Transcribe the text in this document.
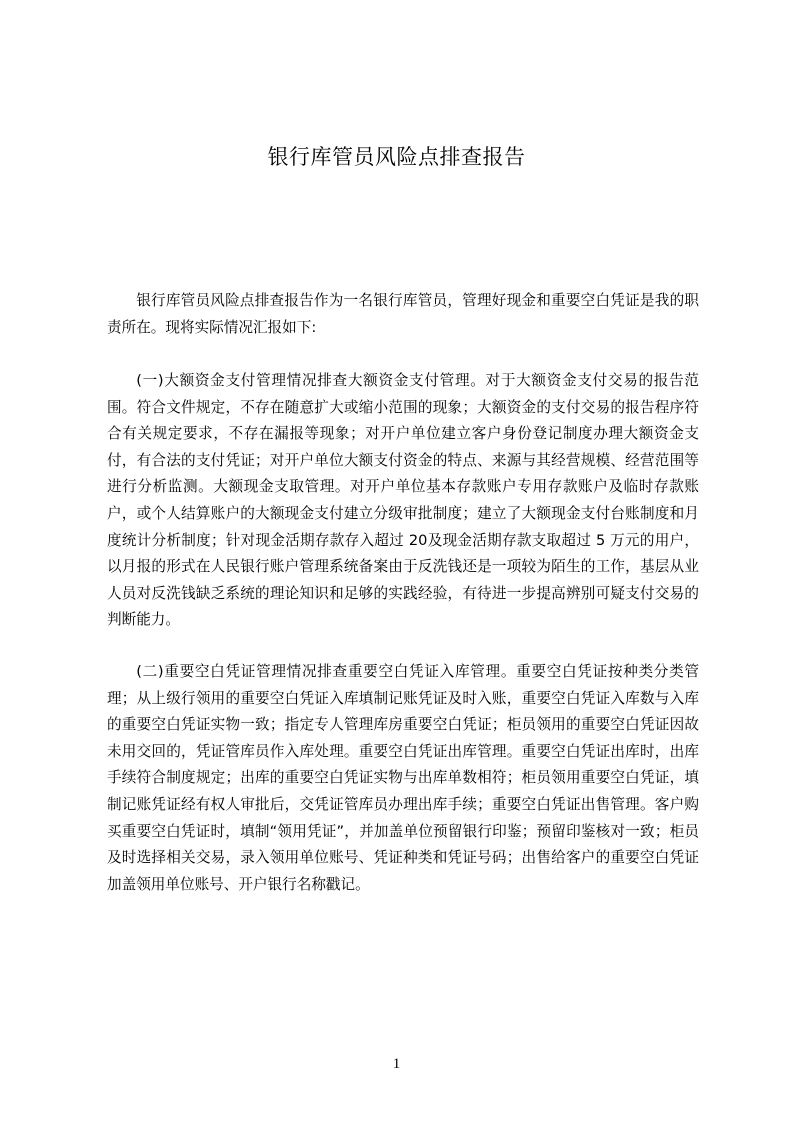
银行库管员风险点排查报告

银行库管员风险点排查报告作为一名银行库管员，管理好现金和重要空白凭证是我的职责所在。现将实际情况汇报如下:

(一)大额资金支付管理情况排查大额资金支付管理。对于大额资金支付交易的报告范围。符合文件规定，不存在随意扩大或缩小范围的现象；大额资金的支付交易的报告程序符合有关规定要求，不存在漏报等现象；对开户单位建立客户身份登记制度办理大额资金支付，有合法的支付凭证；对开户单位大额支付资金的特点、来源与其经营规模、经营范围等进行分析监测。大额现金支取管理。对开户单位基本存款账户专用存款账户及临时存款账户，或个人结算账户的大额现金支付建立分级审批制度；建立了大额现金支付台账制度和月度统计分析制度；针对现金活期存款存入超过 20及现金活期存款支取超过 5 万元的用户，以月报的形式在人民银行账户管理系统备案由于反洗钱还是一项较为陌生的工作，基层从业人员对反洗钱缺乏系统的理论知识和足够的实践经验，有待进一步提高辨别可疑支付交易的判断能力。

(二)重要空白凭证管理情况排查重要空白凭证入库管理。重要空白凭证按种类分类管理；从上级行领用的重要空白凭证入库填制记账凭证及时入账，重要空白凭证入库数与入库的重要空白凭证实物一致；指定专人管理库房重要空白凭证；柜员领用的重要空白凭证因故未用交回的，凭证管库员作入库处理。重要空白凭证出库管理。重要空白凭证出库时，出库手续符合制度规定；出库的重要空白凭证实物与出库单数相符；柜员领用重要空白凭证，填制记账凭证经有权人审批后，交凭证管库员办理出库手续；重要空白凭证出售管理。客户购买重要空白凭证时，填制“领用凭证”，并加盖单位预留银行印鉴；预留印鉴核对一致；柜员及时选择相关交易，录入领用单位账号、凭证种类和凭证号码；出售给客户的重要空白凭证加盖领用单位账号、开户银行名称戳记。

1
